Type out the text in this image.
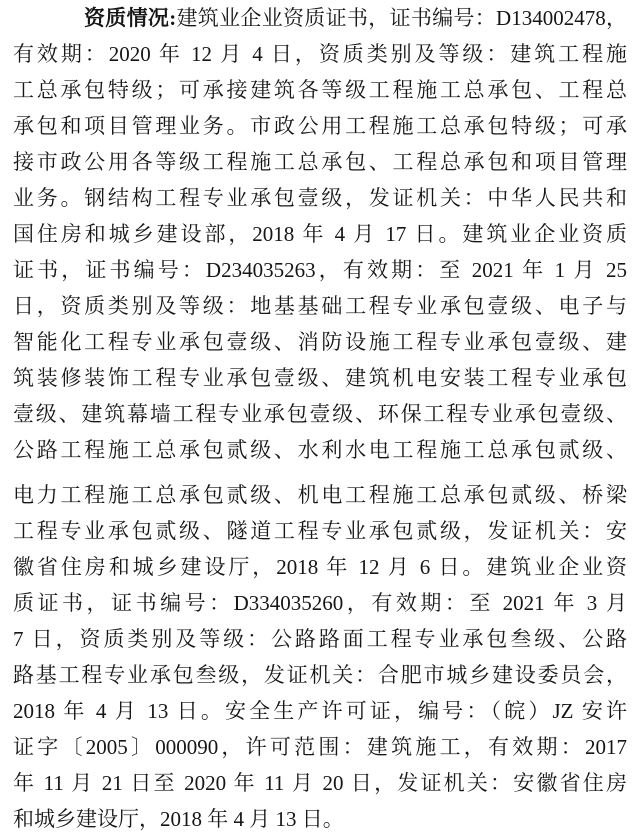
资质情况:建筑业企业资质证书，证书编号：D134002478，
有效期：2020 年 12 月 4 日，资质类别及等级：建筑工程施
工总承包特级；可承接建筑各等级工程施工总承包、工程总
承包和项目管理业务。市政公用工程施工总承包特级；可承
接市政公用各等级工程施工总承包、工程总承包和项目管理
业务。钢结构工程专业承包壹级，发证机关：中华人民共和
国住房和城乡建设部，2018 年 4 月 17 日。建筑业企业资质
证书，证书编号：D234035263，有效期：至 2021 年 1 月 25
日，资质类别及等级：地基基础工程专业承包壹级、电子与
智能化工程专业承包壹级、消防设施工程专业承包壹级、建
筑装修装饰工程专业承包壹级、建筑机电安装工程专业承包
壹级、建筑幕墙工程专业承包壹级、环保工程专业承包壹级、
公路工程施工总承包贰级、水利水电工程施工总承包贰级、
电力工程施工总承包贰级、机电工程施工总承包贰级、桥梁
工程专业承包贰级、隧道工程专业承包贰级，发证机关：安
徽省住房和城乡建设厅，2018 年 12 月 6 日。建筑业企业资
质证书，证书编号：D334035260，有效期：至 2021 年 3 月
7 日，资质类别及等级：公路路面工程专业承包叁级、公路
路基工程专业承包叁级，发证机关：合肥市城乡建设委员会，
2018 年 4 月 13 日。安全生产许可证，编号：（皖）JZ 安许
证字〔2005〕000090，许可范围：建筑施工，有效期：2017
年 11 月 21 日至 2020 年 11 月 20 日，发证机关：安徽省住房
和城乡建设厅，2018 年 4 月 13 日。
